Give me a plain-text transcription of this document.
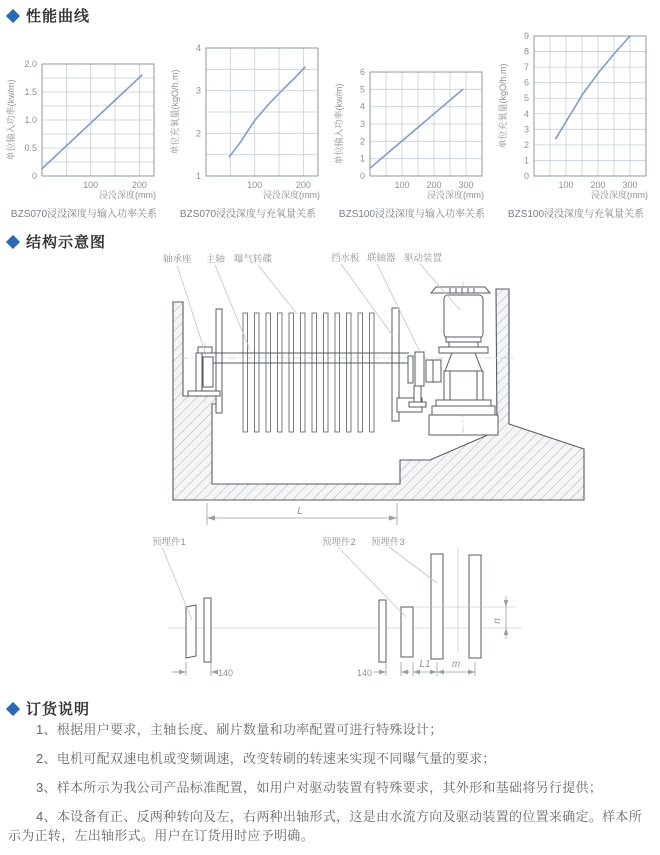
性能曲线
0
0.5
1.0
1.5
2.0
100	200
单位输入功率(kw/m)
浸没深度(mm)
BZS070浸没深度与输入功率关系
1
2
3
4
100	200
单位充氧量(kgO/h.m)
浸没深度(mm)
BZS070浸没深度与充氧量关系
0
1
2
3
4
5
6
100 200 300
单位输入功率(kw/m)
浸没深度(mm)
BZS100浸没深度与输入功率关系
0
1
2
3
4
5
6
7
8
9
100 200 300
单位充氧量(kgO/h.m)
浸没深度(mm)
BZS100浸没深度与充氧量关系
结构示意图
轴承座 主轴 曝气转碟	挡水板 联轴器 驱动装置
L
预埋件1	预埋件2 预埋件3
140	140
L1 m
n
订货说明

1、根据用户要求，主轴长度、刷片数量和功率配置可进行特殊设计；

2、电机可配双速电机或变频调速，改变转刷的转速来实现不同曝气量的要求；

3、样本所示为我公司产品标准配置，如用户对驱动装置有特殊要求，其外形和基础将另行提供；

4、本设备有正、反两种转向及左，右两种出轴形式，这是由水流方向及驱动装置的位置来确定。样本所示为正转，左出轴形式。用户在订货用时应予明确。
